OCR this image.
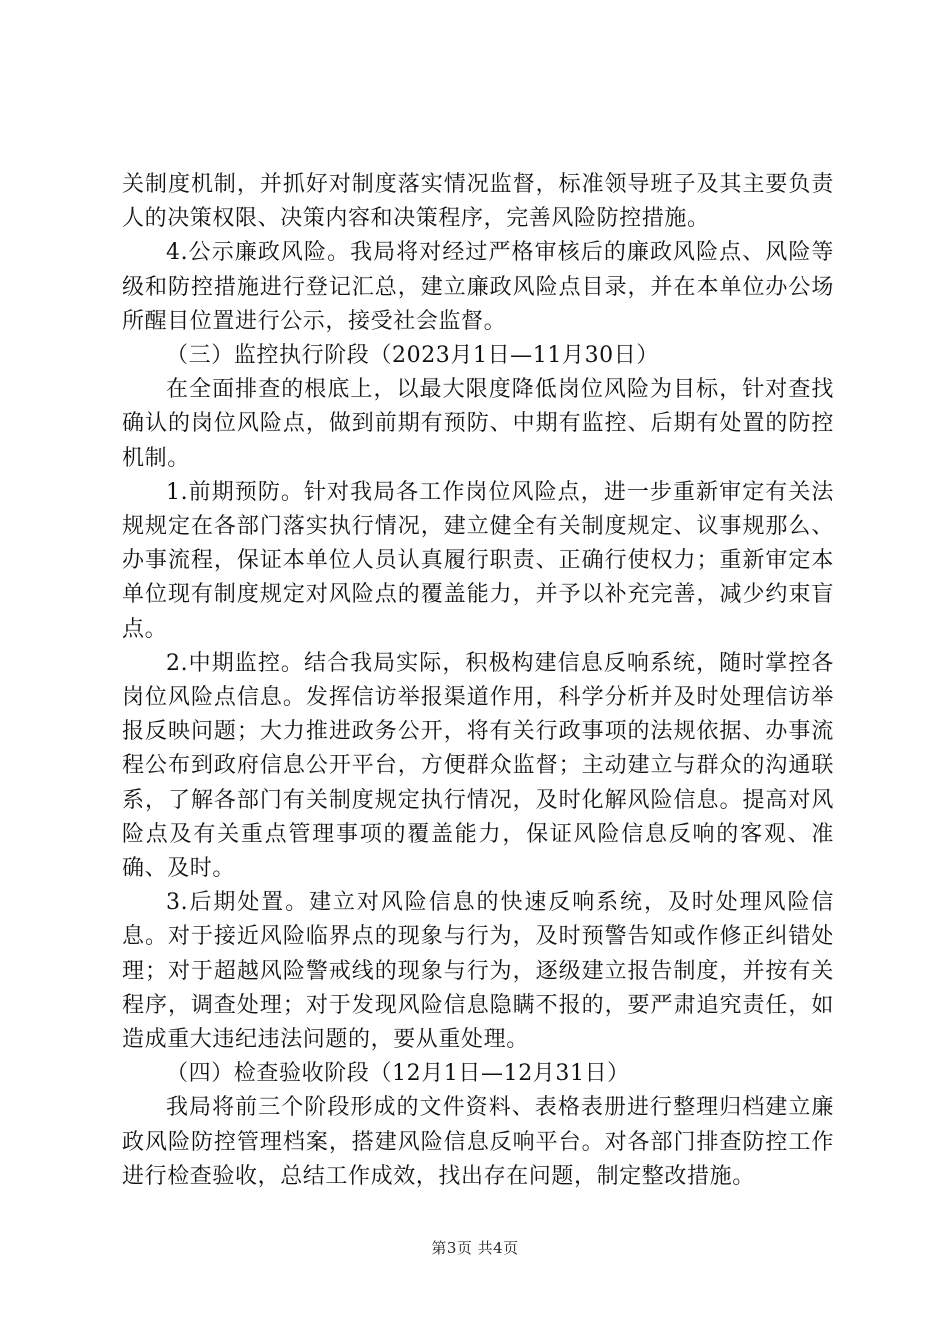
关制度机制，并抓好对制度落实情况监督，标准领导班子及其主要负责人的决策权限、决策内容和决策程序，完善风险防控措施。

4.公示廉政风险。我局将对经过严格审核后的廉政风险点、风险等级和防控措施进行登记汇总，建立廉政风险点目录，并在本单位办公场所醒目位置进行公示，接受社会监督。

（三）监控执行阶段（2023月1日—11月30日）

在全面排查的根底上，以最大限度降低岗位风险为目标，针对查找确认的岗位风险点，做到前期有预防、中期有监控、后期有处置的防控机制。

1.前期预防。针对我局各工作岗位风险点，进一步重新审定有关法规规定在各部门落实执行情况，建立健全有关制度规定、议事规那么、办事流程，保证本单位人员认真履行职责、正确行使权力；重新审定本单位现有制度规定对风险点的覆盖能力，并予以补充完善，减少约束盲点。

2.中期监控。结合我局实际，积极构建信息反响系统，随时掌控各岗位风险点信息。发挥信访举报渠道作用，科学分析并及时处理信访举报反映问题；大力推进政务公开，将有关行政事项的法规依据、办事流程公布到政府信息公开平台，方便群众监督；主动建立与群众的沟通联系，了解各部门有关制度规定执行情况，及时化解风险信息。提高对风险点及有关重点管理事项的覆盖能力，保证风险信息反响的客观、准确、及时。

3.后期处置。建立对风险信息的快速反响系统，及时处理风险信息。对于接近风险临界点的现象与行为，及时预警告知或作修正纠错处理；对于超越风险警戒线的现象与行为，逐级建立报告制度，并按有关程序，调查处理；对于发现风险信息隐瞒不报的，要严肃追究责任，如造成重大违纪违法问题的，要从重处理。

（四）检查验收阶段（12月1日—12月31日）

我局将前三个阶段形成的文件资料、表格表册进行整理归档建立廉政风险防控管理档案，搭建风险信息反响平台。对各部门排查防控工作进行检查验收，总结工作成效，找出存在问题，制定整改措施。

第3页 共4页
